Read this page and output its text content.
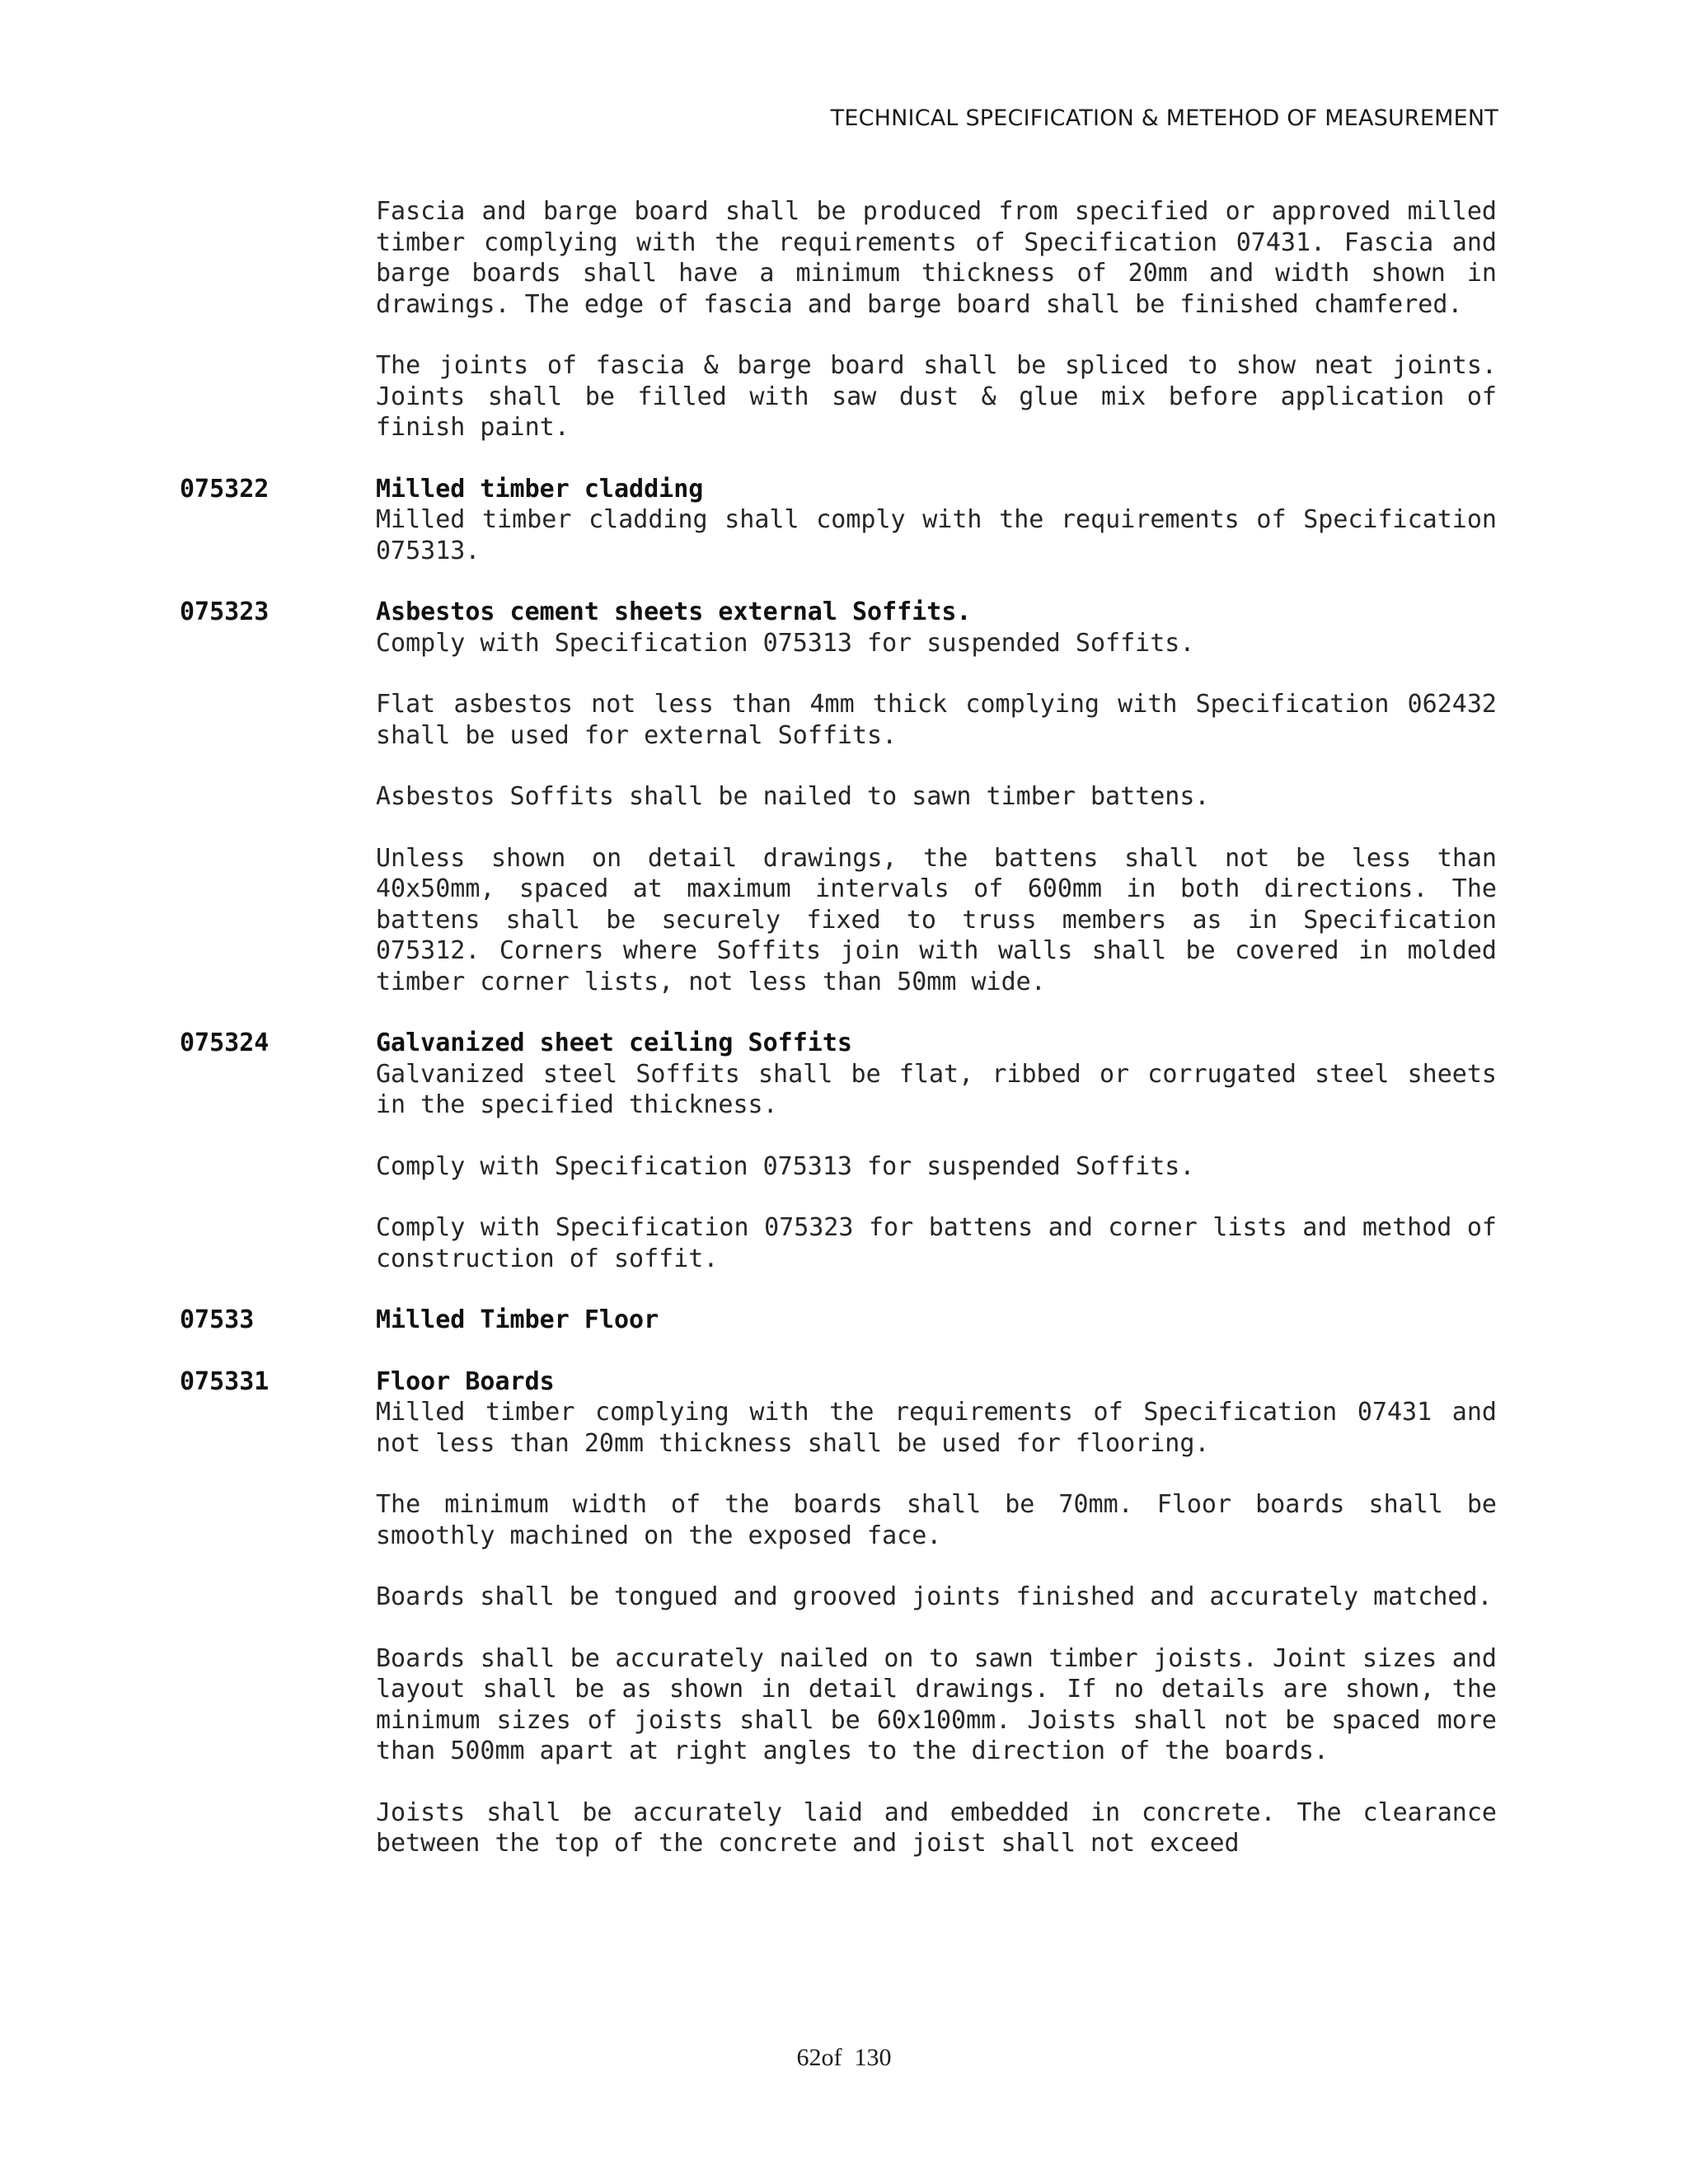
TECHNICAL SPECIFICATION & METEHOD OF MEASUREMENT
Fascia and barge board shall be produced from specified or approved milled timber complying with the requirements of Specification 07431. Fascia and barge boards shall have a minimum thickness of 20mm and width shown in drawings. The edge of fascia and barge board shall be finished chamfered.
The joints of fascia & barge board shall be spliced to show neat joints. Joints shall be filled with saw dust & glue mix before application of finish paint.
075322	Milled timber cladding
Milled timber cladding shall comply with the requirements of Specification 075313.
075323	Asbestos cement sheets external Soffits.
Comply with Specification 075313 for suspended Soffits.
Flat asbestos not less than 4mm thick complying with Specification 062432 shall be used for external Soffits.
Asbestos Soffits shall be nailed to sawn timber battens.
Unless shown on detail drawings, the battens shall not be less than 40x50mm, spaced at maximum intervals of 600mm in both directions. The battens shall be securely fixed to truss members as in Specification 075312. Corners where Soffits join with walls shall be covered in molded timber corner lists, not less than 50mm wide.
075324	Galvanized sheet ceiling Soffits
Galvanized steel Soffits shall be flat, ribbed or corrugated steel sheets in the specified thickness.
Comply with Specification 075313 for suspended Soffits.
Comply with Specification 075323 for battens and corner lists and method of construction of soffit.
07533	Milled Timber Floor
075331	Floor Boards
Milled timber complying with the requirements of Specification 07431 and not less than 20mm thickness shall be used for flooring.
The minimum width of the boards shall be 70mm. Floor boards shall be smoothly machined on the exposed face.
Boards shall be tongued and grooved joints finished and accurately matched.
Boards shall be accurately nailed on to sawn timber joists. Joint sizes and layout shall be as shown in detail drawings. If no details are shown, the minimum sizes of joists shall be 60x100mm. Joists shall not be spaced more than 500mm apart at right angles to the direction of the boards.
Joists shall be accurately laid and embedded in concrete. The clearance between the top of the concrete and joist shall not exceed
62of 130
